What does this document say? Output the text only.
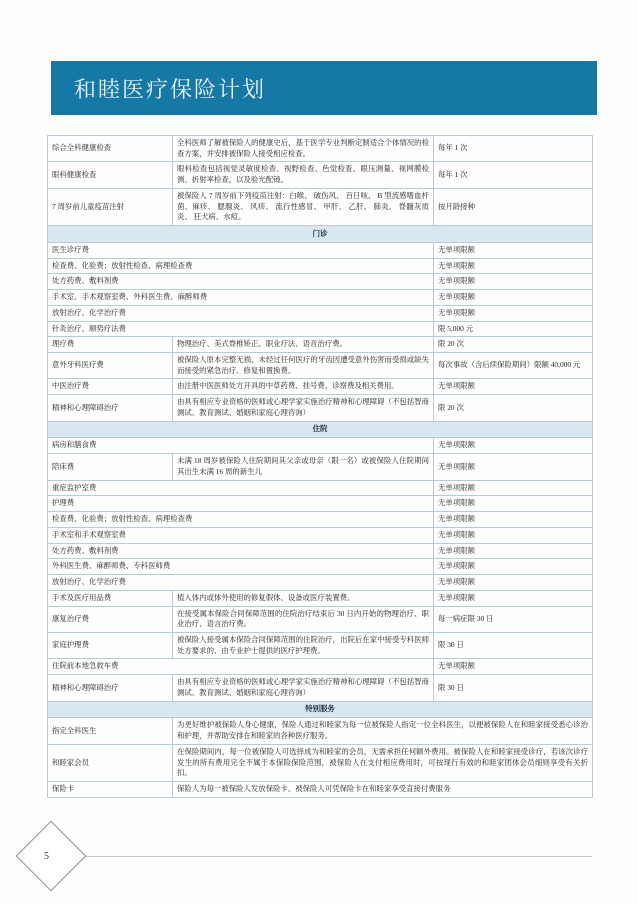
和睦医疗保险计划
综合全科健康检查	全科医师了解被保险人的健康史后，基于医学专业判断定制适合个体情况的检查方案，并安排被保险人接受相应检查。	每年 1 次
眼科健康检查	眼科检查包括视觉灵敏度检查、视野检查、色觉检查、眼压测量、视网膜检测、折射率检查，以及验光配镜。	每年 1 次
7 周岁前儿童疫苗注射	被保险人 7 周岁前下列疫苗注射：白喉、 破伤风、 百日咳、 B 型流感嗜血杆菌、麻疹、 腮腺炎、 风疹、 流行性感冒、 甲肝、 乙肝、 肺炎、 脊髓灰质炎、 狂犬病、水痘。	按月龄接种
门诊		
医生诊疗费		无单项限额
检查费、化验费；放射性检查、病理检查费		无单项限额
处方药费、敷料剂费		无单项限额
手术室、手术观察室费、外科医生费、麻醉师费		无单项限额
放射治疗、化学治疗费		无单项限额
针灸治疗、顺势疗法费		限 5,000 元
理疗费	物理治疗、美式脊椎矫正、职业疗法、语音治疗费。	限 20 次
意外牙科医疗费	被保险人原本完整无损、未经过任何医疗的牙齿因遭受意外伤害而受损或缺失而接受的紧急治疗、修复和置换费。	每次事故（含后续保险期间）限额 40,000 元
中医治疗费	由注册中医医师处方开具的中草药费、挂号费、诊察费及相关费用。	无单项限额
精神和心理障碍治疗	由具有相应专业资格的医师或心理学家实施治疗精神和心理障碍（不包括智商测试、教育测试、婚姻和家庭心理咨询）	限 20 次
住院		
病房和膳食费		无单项限额
陪床费	未满 18 周岁被保险人住院期间其父亲或母亲（限一名）或被保险人住院期间其出生未满 16 周的新生儿	无单项限额
重症监护室费		无单项限额
护理费		无单项限额
检查费、化验费；放射性检查、病理检查费		无单项限额
手术室和手术观察室费		无单项限额
处方药费、敷料剂费		无单项限额
外科医生费、麻醉师费、专科医师费		无单项限额
放射治疗、化学治疗费		无单项限额
手术及医疗用品费	植入体内或体外使用的修复假体、设备或医疗装置费。	无单项限额
康复治疗费	在接受属本保险合同保障范围的住院治疗结束后 30 日内开始的物理治疗、职业治疗、语言治疗费。	每一病症限 30 日
家庭护理费	被保险人接受属本保险合同保障范围的住院治疗，出院后在家中接受专科医师处方要求的、由专业护士提供的医疗护理费。	限 30 日
住院前本地急救车费		无单项限额
精神和心理障碍治疗	由具有相应专业资格的医师或心理学家实施治疗精神和心理障碍（不包括智商测试、教育测试、婚姻和家庭心理咨询）	限 30 日
特别服务		
指定全科医生	为更好维护被保险人身心健康，保险人通过和睦家为每一位被保险人指定一位全科医生，以便被保险人在和睦家接受悉心诊治和护理，并帮助安排在和睦家的各种医疗服务。	
和睦家会员	在保险期间内，每一位被保险人可选择成为和睦家的会员，无需承担任何额外费用。被保险人在和睦家接受诊疗，若该次诊疗发生的所有费用完全不属于本保险保险范围，被保险人在支付相应费用时，可按现行有效的和睦家团体会员细则享受有关折扣。	
保险卡	保险人为每一被保险人发放保险卡。被保险人可凭保险卡在和睦家享受直接付费服务	
5
